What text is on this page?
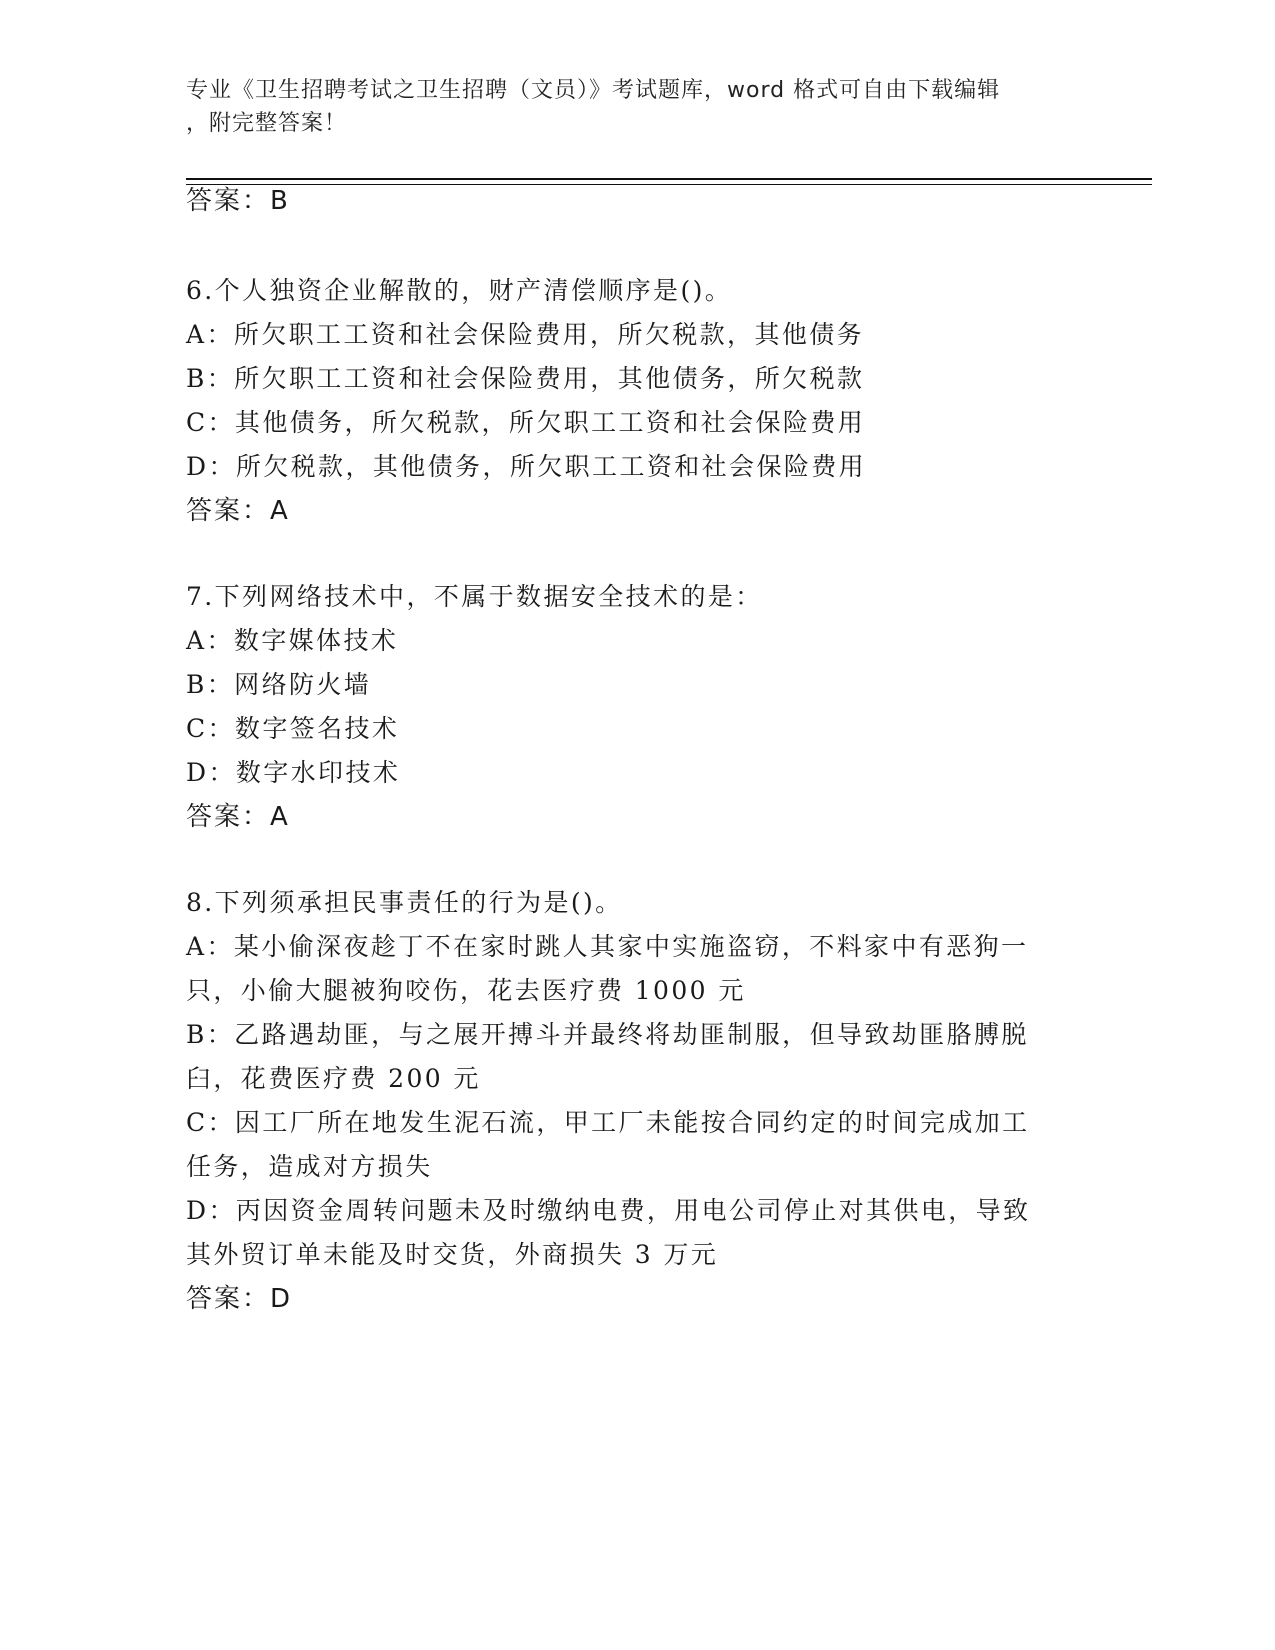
专业《卫生招聘考试之卫生招聘（文员）》考试题库，word 格式可自由下载编辑
，附完整答案！
答案：B
6.个人独资企业解散的，财产清偿顺序是()。
A：所欠职工工资和社会保险费用，所欠税款，其他债务
B：所欠职工工资和社会保险费用，其他债务，所欠税款
C：其他债务，所欠税款，所欠职工工资和社会保险费用
D：所欠税款，其他债务，所欠职工工资和社会保险费用
答案：A
7.下列网络技术中，不属于数据安全技术的是：
A：数字媒体技术
B：网络防火墙
C：数字签名技术
D：数字水印技术
答案：A
8.下列须承担民事责任的行为是()。
A：某小偷深夜趁丁不在家时跳人其家中实施盗窃，不料家中有恶狗一
只，小偷大腿被狗咬伤，花去医疗费 1000 元
B：乙路遇劫匪，与之展开搏斗并最终将劫匪制服，但导致劫匪胳膊脱
臼，花费医疗费 200 元
C：因工厂所在地发生泥石流，甲工厂未能按合同约定的时间完成加工
任务，造成对方损失
D：丙因资金周转问题未及时缴纳电费，用电公司停止对其供电，导致
其外贸订单未能及时交货，外商损失 3 万元
答案：D
